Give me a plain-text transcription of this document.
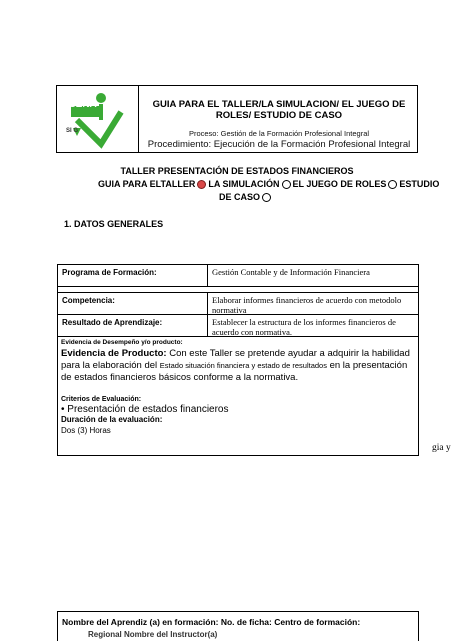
SENA
SI G
GUIA PARA EL TALLER/LA SIMULACION/ EL JUEGO DE ROLES/ ESTUDIO DE CASO
Proceso: Gestión de la Formación Profesional Integral
Procedimiento: Ejecución de la Formación Profesional Integral
TALLER PRESENTACIÓN DE ESTADOS FINANCIEROS
GUIA PARA ELTALLER LA SIMULACIÓN EL JUEGO DE ROLES ESTUDIO
DE CASO
1. DATOS GENERALES
Programa de Formación:	Gestión Contable y de Información Financiera
Competencia:	Elaborar informes financieros de acuerdo con metodolo normativa
Resultado de Aprendizaje:	Establecer la estructura de los informes financieros de acuerdo con normativa.
Evidencia de Desempeño y/o producto:
Evidencia de Producto: Con este Taller se pretende ayudar a adquirir la habilidad para la elaboración del Estado situación financiera y estado de resultados en la presentación de estados financieros básicos conforme a la normativa.
Criterios de Evaluación:
• Presentación de estados financieros
Duración de la evaluación:
Dos (3) Horas
gia y
Nombre del Aprendiz (a) en formación: No. de ficha: Centro de formación:
Regional Nombre del Instructor(a)
